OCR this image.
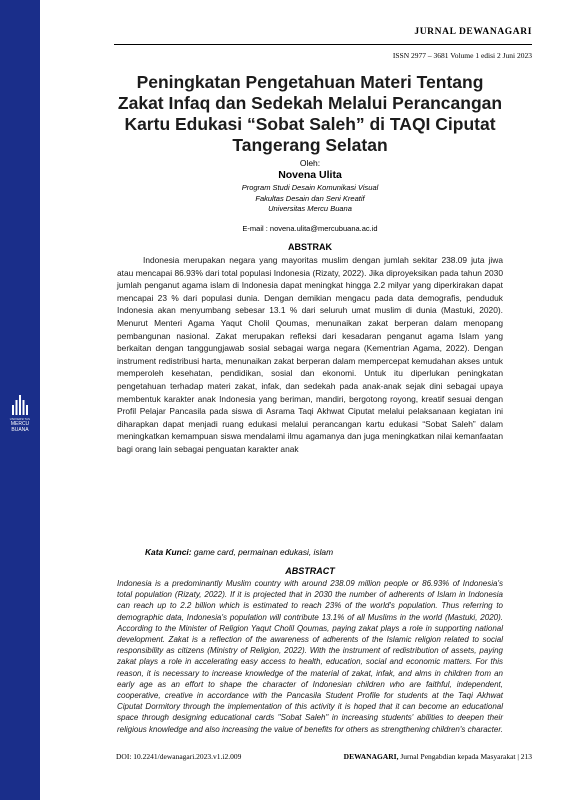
UNIVERSITAS
MERCU BUANA
JURNAL DEWANAGARI
ISSN 2977 – 3681 Volume 1 edisi 2 Juni 2023
Peningkatan Pengetahuan Materi Tentang
Zakat Infaq dan Sedekah Melalui Perancangan
Kartu Edukasi “Sobat Saleh” di TAQI Ciputat
Tangerang Selatan
Oleh:
Novena Ulita
Program Studi Desain Komunikasi Visual
Fakultas Desain dan Seni Kreatif
Universitas Mercu Buana
E-mail : novena.ulita@mercubuana.ac.id
ABSTRAK

Indonesia merupakan negara yang mayoritas muslim dengan jumlah sekitar 238.09 juta jiwa atau mencapai 86.93% dari total populasi Indonesia (Rizaty, 2022). Jika diproyeksikan pada tahun 2030 jumlah penganut agama islam di Indonesia dapat meningkat hingga 2.2 milyar yang diperkirakan dapat mencapai 23 % dari populasi dunia. Dengan demikian mengacu pada data demografis, penduduk Indonesia akan menyumbang sebesar 13.1 % dari seluruh umat muslim di dunia (Mastuki, 2020). Menurut Menteri Agama Yaqut Cholil Qoumas, menunaikan zakat berperan dalam menopang pembangunan nasional. Zakat merupakan refleksi dari kesadaran penganut agama Islam yang berkaitan dengan tanggungjawab sosial sebagai warga negara (Kementrian Agama, 2022). Dengan instrument redistribusi harta, menunaikan zakat berperan dalam mempercepat kemudahan akses untuk memperoleh kesehatan, pendidikan, sosial dan ekonomi. Untuk itu diperlukan peningkatan pengetahuan terhadap materi zakat, infak, dan sedekah pada anak-anak sejak dini sebagai upaya membentuk karakter anak Indonesia yang beriman, mandiri, bergotong royong, kreatif sesuai dengan Profil Pelajar Pancasila pada siswa di Asrama Taqi Akhwat Ciputat melalui pelaksanaan kegiatan ini diharapkan dapat menjadi ruang edukasi melalui perancangan kartu edukasi “Sobat Saleh” dalam meningkatkan kemampuan siswa mendalami ilmu agamanya dan juga meningkatkan nilai kemanfaatan bagi orang lain sebagai penguatan karakter anak

Kata Kunci: game card, permainan edukasi, islam
ABSTRACT

Indonesia is a predominantly Muslim country with around 238.09 million people or 86.93% of Indonesia's total population (Rizaty, 2022). If it is projected that in 2030 the number of adherents of Islam in Indonesia can reach up to 2.2 billion which is estimated to reach 23% of the world's population. Thus referring to demographic data, Indonesia's population will contribute 13.1% of all Muslims in the world (Mastuki, 2020). According to the Minister of Religion Yaqut Cholil Qoumas, paying zakat plays a role in supporting national development. Zakat is a reflection of the awareness of adherents of the Islamic religion related to social responsibility as citizens (Ministry of Religion, 2022). With the instrument of redistribution of assets, paying zakat plays a role in accelerating easy access to health, education, social and economic matters. For this reason, it is necessary to increase knowledge of the material of zakat, infak, and alms in children from an early age as an effort to shape the character of Indonesian children who are faithful, independent, cooperative, creative in accordance with the Pancasila Student Profile for students at the Taqi Akhwat Ciputat Dormitory through the implementation of this activity it is hoped that it can become an educational space through designing educational cards "Sobat Saleh" in increasing students' abilities to deepen their religious knowledge and also increasing the value of benefits for others as strengthening children's character.

DOI: 10.2241/dewanagari.2023.v1.i2.009	DEWANAGARI, Jurnal Pengabdian kepada Masyarakat | 213
